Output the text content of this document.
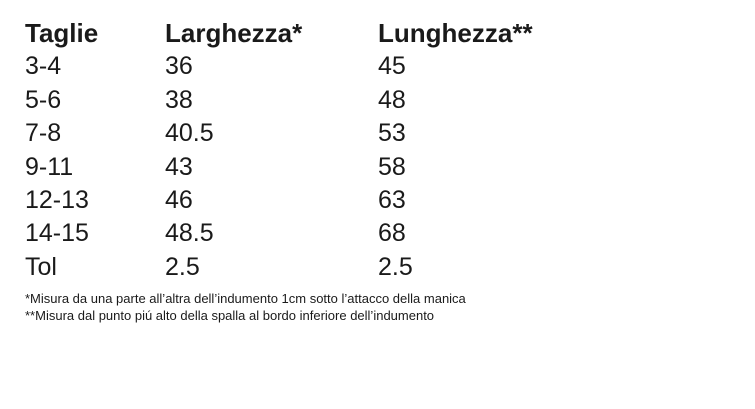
Taglie	Larghezza*	Lunghezza**
3-4	36	45
5-6	38	48
7-8	40.5	53
9-11	43	58
12-13	46	63
14-15	48.5	68
Tol	2.5	2.5
*Misura da una parte all’altra dell’indumento 1cm sotto l’attacco della manica
**Misura dal punto piú alto della spalla al bordo inferiore dell’indumento
